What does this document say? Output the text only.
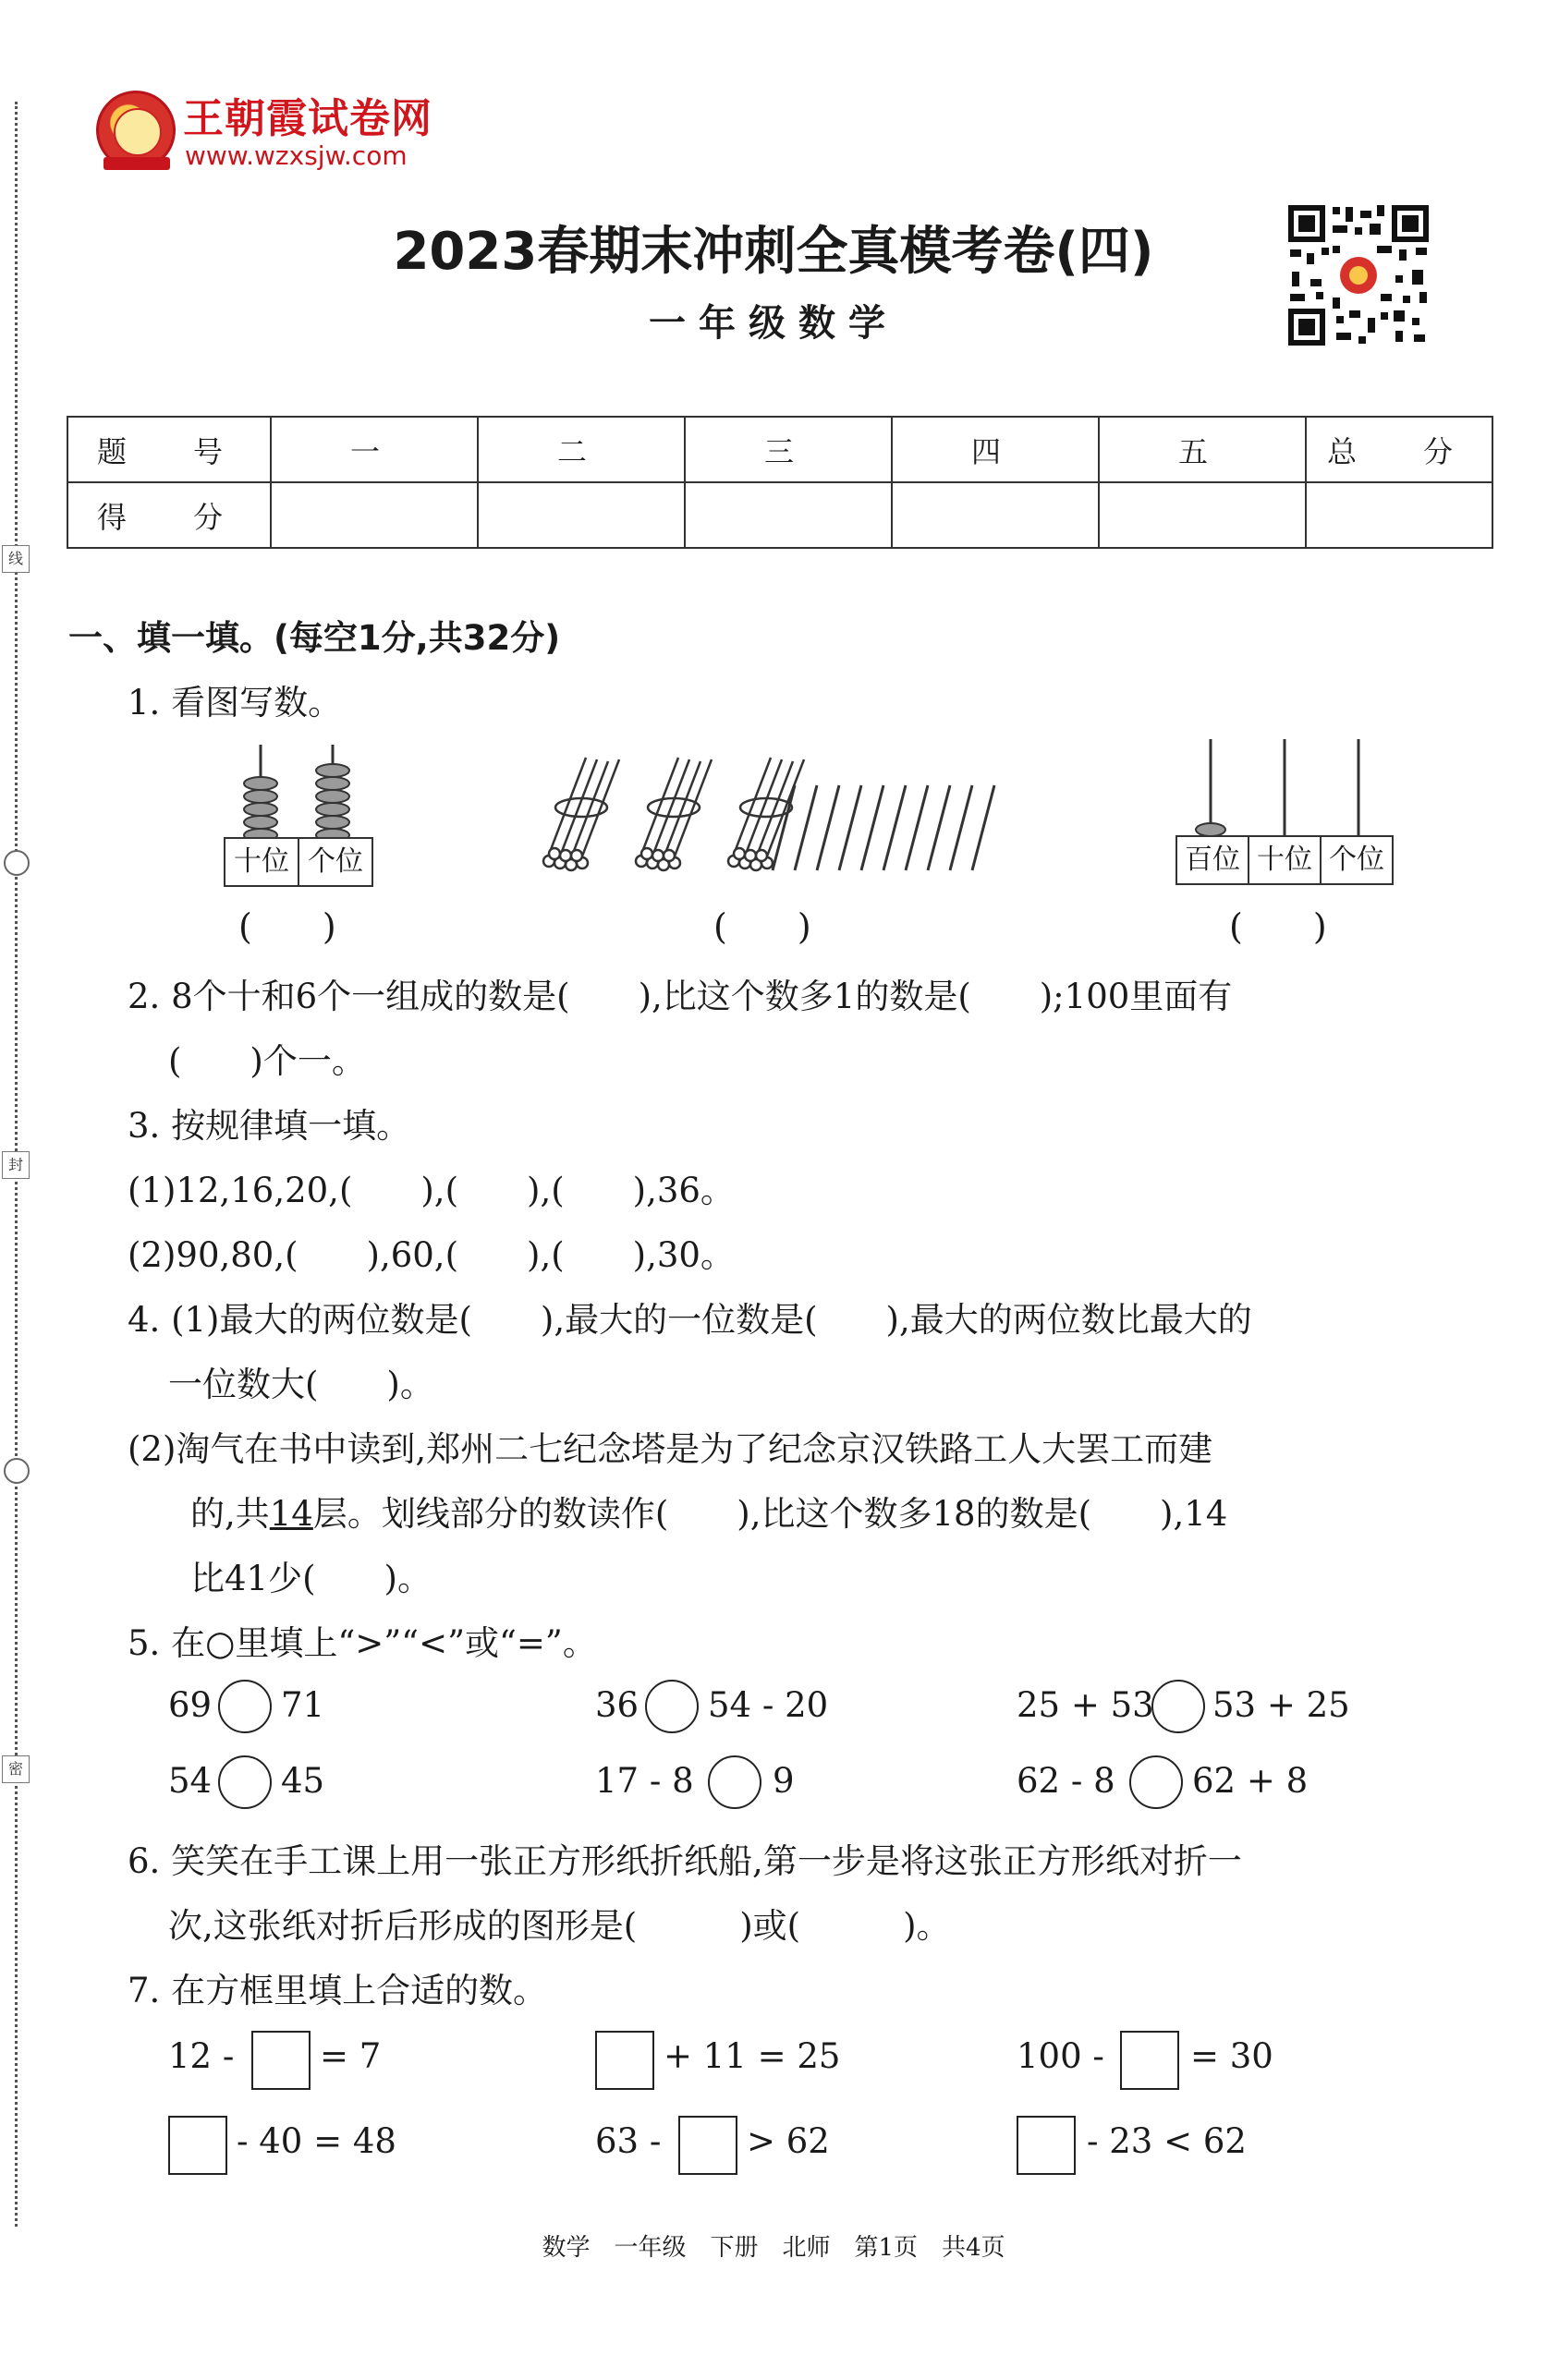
线
封
密
王朝霞试卷网
www.wzxsjw.com
2023春期末冲刺全真模考卷(四)
一年级数学
题　号	一	二	三	四	五	总　分
得　分						
一、填一填。(每空1分,共32分)
1. 看图写数。
十位 个位
(　　)	(　　)
百位 十位 个位
(　　)
2. 8个十和6个一组成的数是(　　),比这个数多1的数是(　　);100里面有
(　　)个一。
3. 按规律填一填。
(1)12,16,20,(　　),(　　),(　　),36。
(2)90,80,(　　),60,(　　),(　　),30。
4. (1)最大的两位数是(　　),最大的一位数是(　　),最大的两位数比最大的
一位数大(　　)。
(2)淘气在书中读到,郑州二七纪念塔是为了纪念京汉铁路工人大罢工而建
的,共14层。划线部分的数读作(　　),比这个数多18的数是(　　),14
比41少(　　)。
5. 在○里填上“>”“<”或“=”。
69 71	36 54 - 20	25 + 53 53 + 25
54 45	17 - 8 9	62 - 8 62 + 8
6. 笑笑在手工课上用一张正方形纸折纸船,第一步是将这张正方形纸对折一
次,这张纸对折后形成的图形是(　　　)或(　　　)。
7. 在方框里填上合适的数。
12 -	= 7	+ 11 = 25	100 -	= 30
- 40 = 48	63 -	> 62	- 23 < 62
数学　一年级　下册　北师　第1页　共4页
